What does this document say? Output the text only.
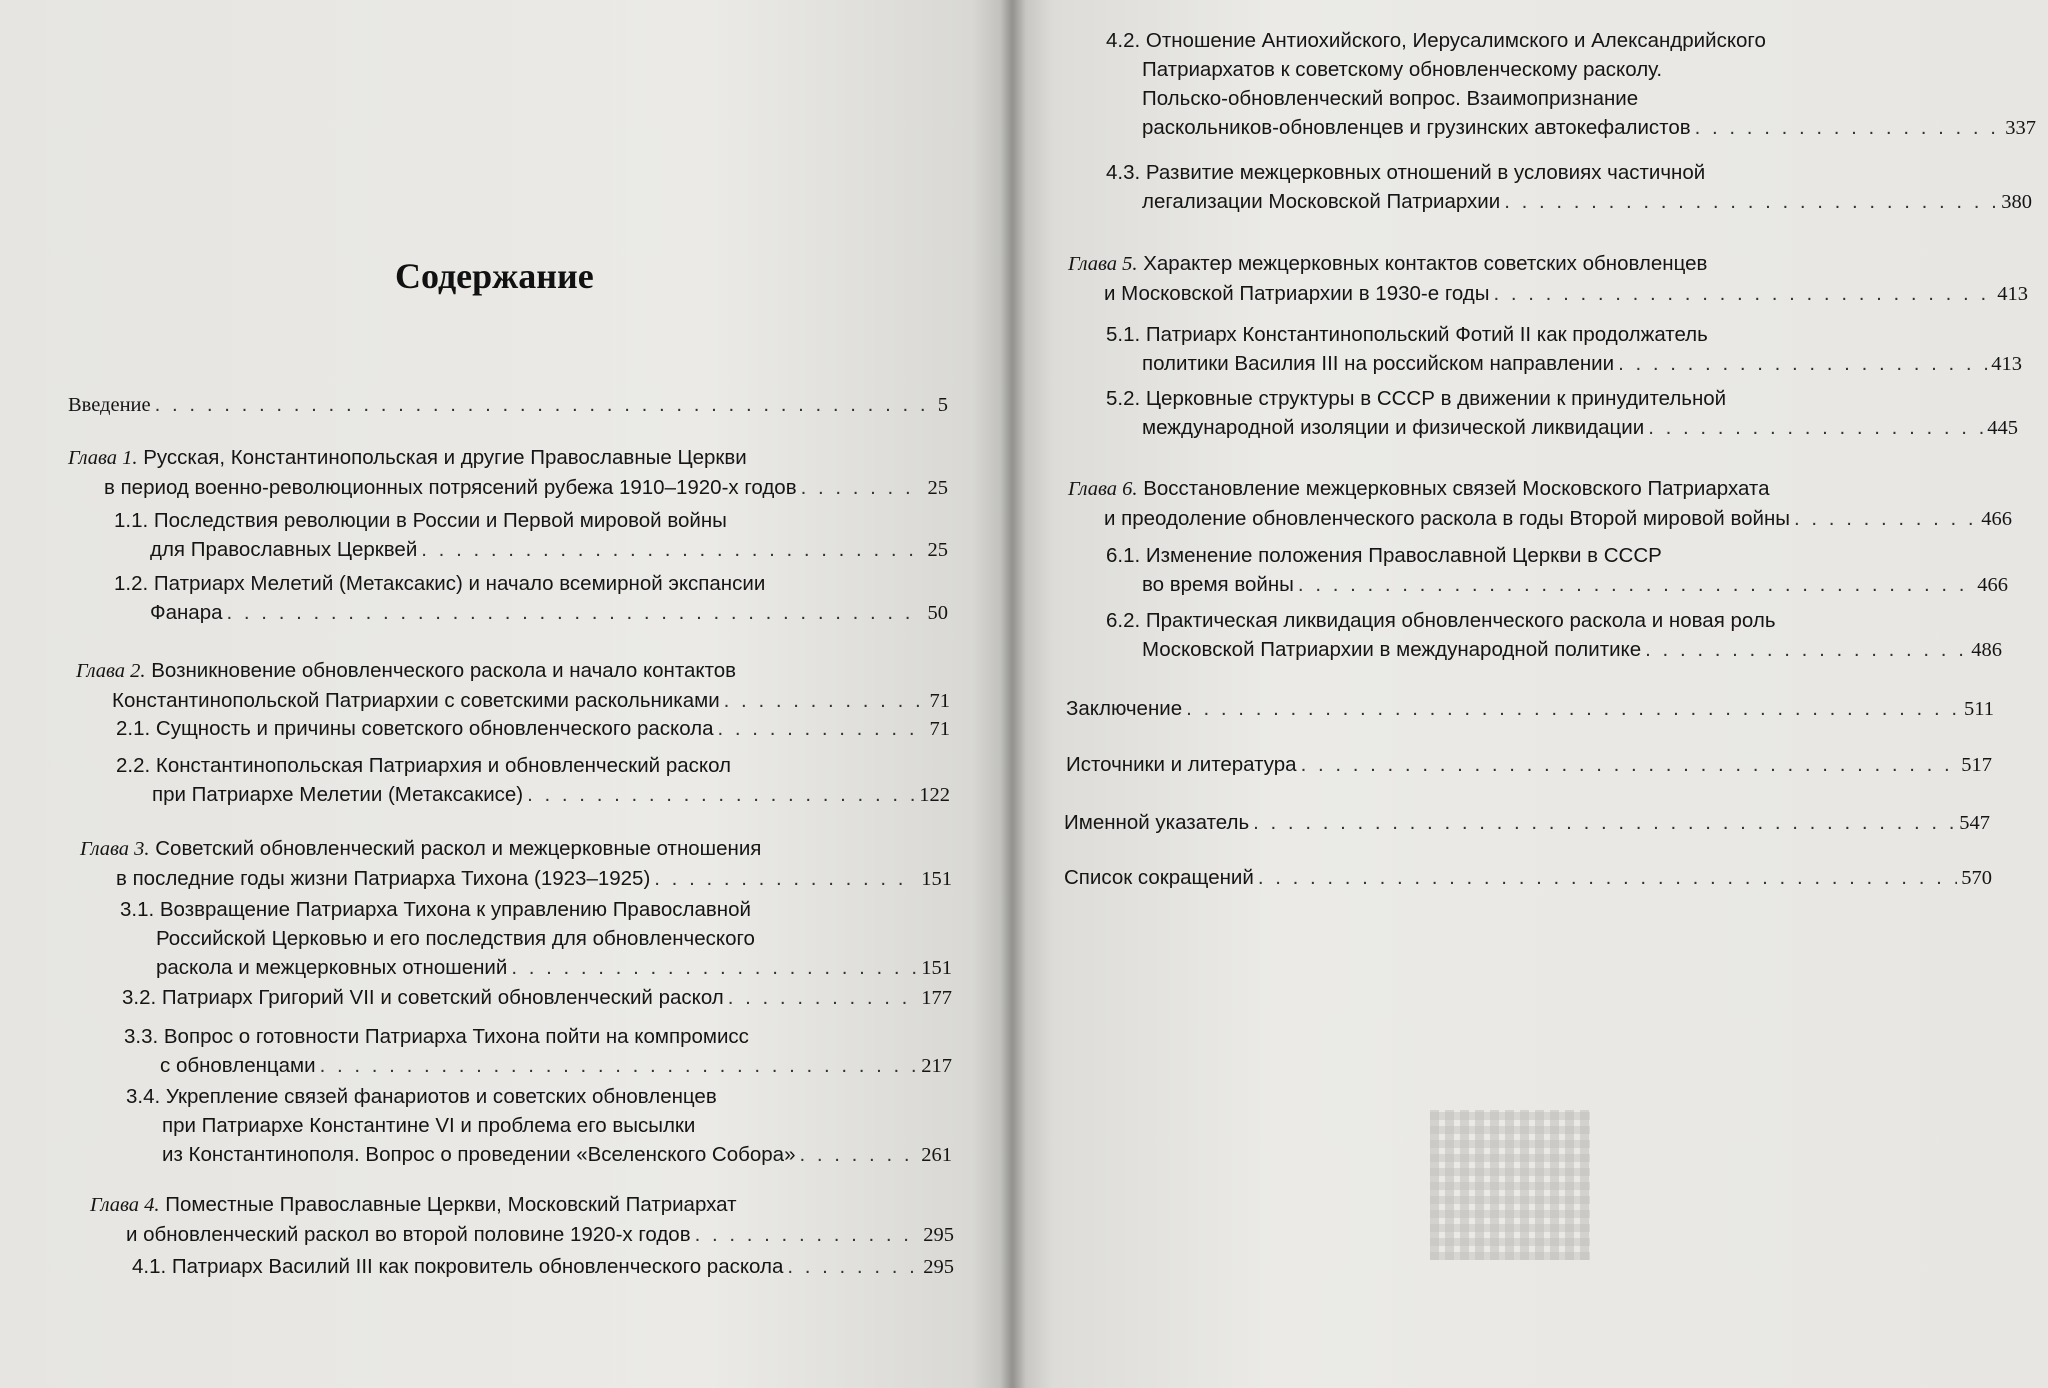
Содержание
Введение . . .	5
Глава 1. Русская, Константинопольская и другие Православные Церкви
в период военно-революционных потрясений рубежа 1910–1920-х годов . . .	25
1.1. Последствия революции в России и Первой мировой войны
для Православных Церквей . . .	25
1.2. Патриарх Мелетий (Метаксакис) и начало всемирной экспансии
Фанара . . .	50
Глава 2. Возникновение обновленческого раскола и начало контактов
Константинопольской Патриархии с советскими раскольниками . . .	71
2.1. Сущность и причины советского обновленческого раскола . . .	71
2.2. Константинопольская Патриархия и обновленческий раскол
при Патриархе Мелетии (Метаксакисе) . . .	122
Глава 3. Советский обновленческий раскол и межцерковные отношения
в последние годы жизни Патриарха Тихона (1923–1925) . . .	151
3.1. Возвращение Патриарха Тихона к управлению Православной
Российской Церковью и его последствия для обновленческого
раскола и межцерковных отношений . . .	151
3.2. Патриарх Григорий VII и советский обновленческий раскол . . .	177
3.3. Вопрос о готовности Патриарха Тихона пойти на компромисс
с обновленцами . . .	217
3.4. Укрепление связей фанариотов и советских обновленцев
при Патриархе Константине VI и проблема его высылки
из Константинополя. Вопрос о проведении «Вселенского Собора» . . .	261
Глава 4. Поместные Православные Церкви, Московский Патриархат
и обновленческий раскол во второй половине 1920-х годов . . .	295
4.1. Патриарх Василий III как покровитель обновленческого раскола . . .	295
4.2. Отношение Антиохийского, Иерусалимского и Александрийского
Патриархатов к советскому обновленческому расколу.
Польско-обновленческий вопрос. Взаимопризнание
раскольников-обновленцев и грузинских автокефалистов . . .	337
4.3. Развитие межцерковных отношений в условиях частичной
легализации Московской Патриархии . . .	380
Глава 5. Характер межцерковных контактов советских обновленцев
и Московской Патриархии в 1930-е годы . . .	413
5.1. Патриарх Константинопольский Фотий II как продолжатель
политики Василия III на российском направлении . . .	413
5.2. Церковные структуры в СССР в движении к принудительной
международной изоляции и физической ликвидации . . .	445
Глава 6. Восстановление межцерковных связей Московского Патриархата
и преодоление обновленческого раскола в годы Второй мировой войны . . .	466
6.1. Изменение положения Православной Церкви в СССР
во время войны . . .	466
6.2. Практическая ликвидация обновленческого раскола и новая роль
Московской Патриархии в международной политике . . .	486
Заключение . . .	511
Источники и литература . . .	517
Именной указатель . . .	547
Список сокращений . . .	570
